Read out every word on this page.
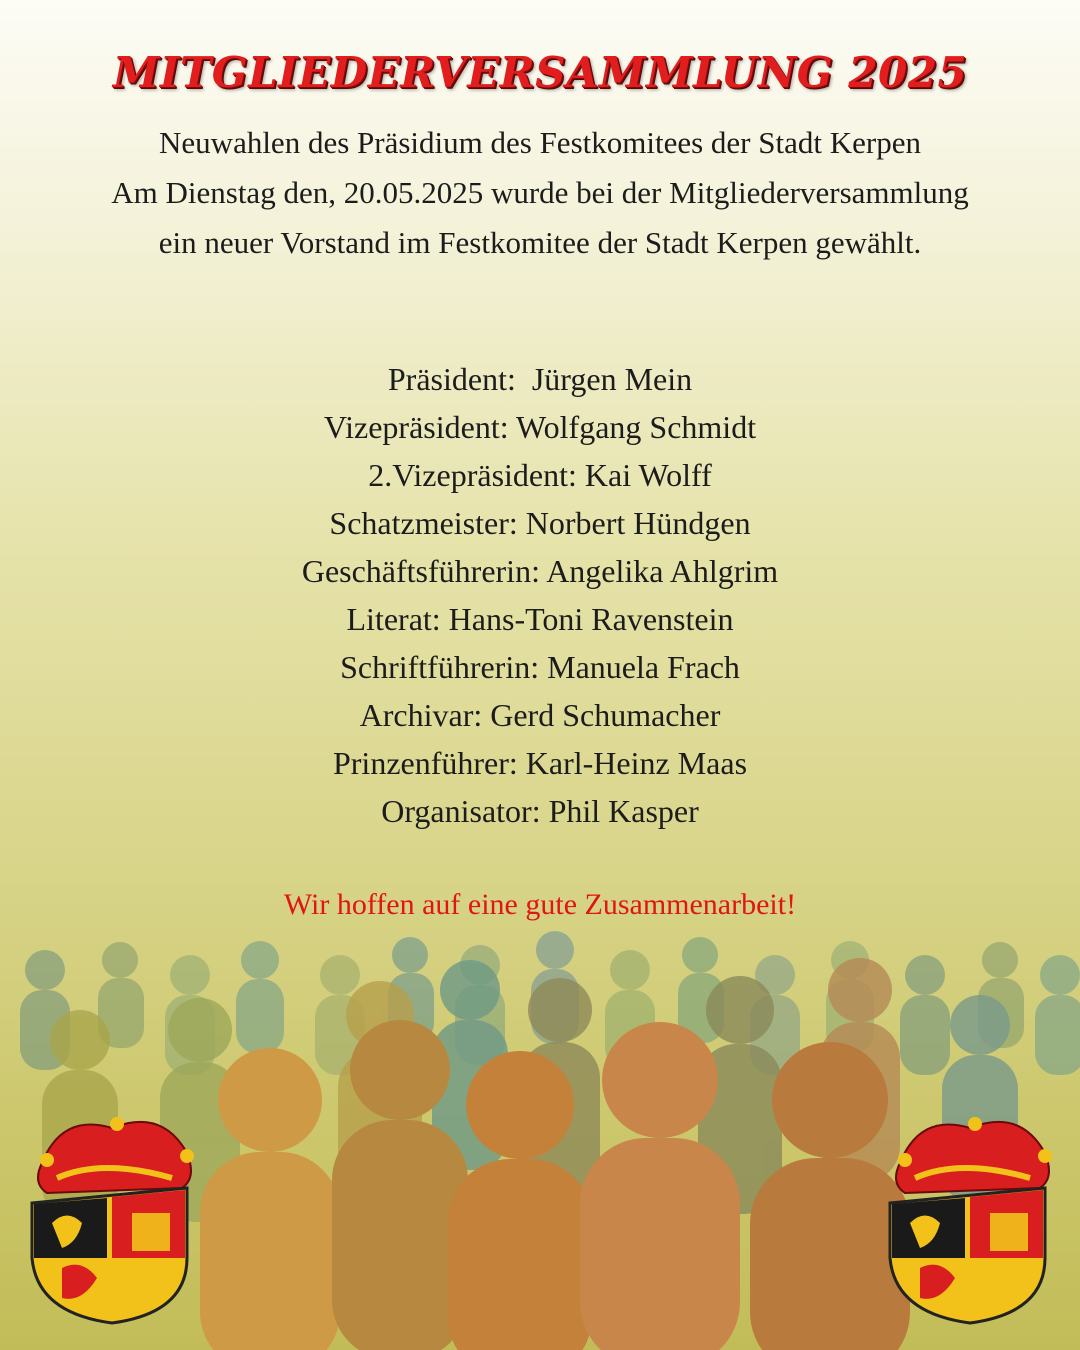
MITGLIEDERVERSAMMLUNG 2025
Neuwahlen des Präsidium des Festkomitees der Stadt Kerpen
Am Dienstag den, 20.05.2025 wurde bei der Mitgliederversammlung
ein neuer Vorstand im Festkomitee der Stadt Kerpen gewählt.
Präsident:  Jürgen Mein
Vizepräsident: Wolfgang Schmidt
2.Vizepräsident: Kai Wolff
Schatzmeister: Norbert Hündgen
Geschäftsführerin: Angelika Ahlgrim
Literat: Hans-Toni Ravenstein
Schriftführerin: Manuela Frach
Archivar: Gerd Schumacher
Prinzenführer: Karl-Heinz Maas
Organisator: Phil Kasper
Wir hoffen auf eine gute Zusammenarbeit!
